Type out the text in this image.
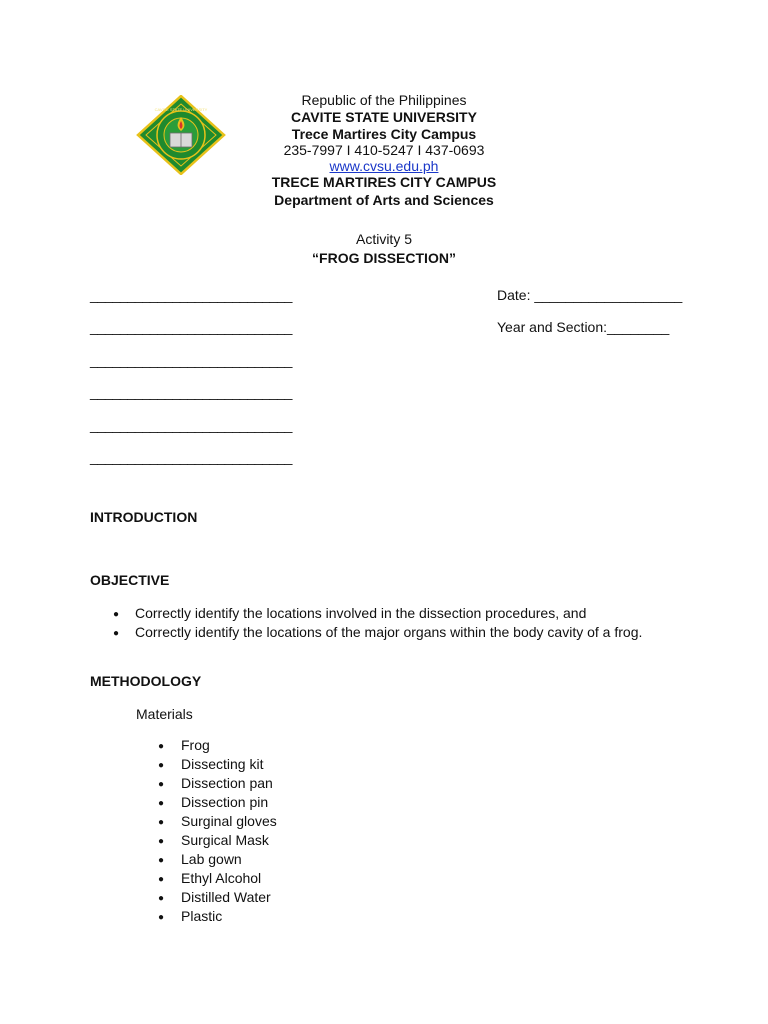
CAVITE STATE UNIVERSITY
Republic of the Philippines
CAVITE STATE UNIVERSITY
Trece Martires City Campus
235-7997 I 410-5247 I 437-0693
www.cvsu.edu.ph
TRECE MARTIRES CITY CAMPUS
Department of Arts and Sciences
Activity 5
“FROG DISSECTION”
___________________________
___________________________
___________________________
___________________________
___________________________
___________________________
Date: ___________________
Year and Section:________
INTRODUCTION
OBJECTIVE
● Correctly identify the locations involved in the dissection procedures, and
● Correctly identify the locations of the major organs within the body cavity of a frog.
METHODOLOGY
Materials
● Frog
● Dissecting kit
● Dissection pan
● Dissection pin
● Surginal gloves
● Surgical Mask
● Lab gown
● Ethyl Alcohol
● Distilled Water
● Plastic
